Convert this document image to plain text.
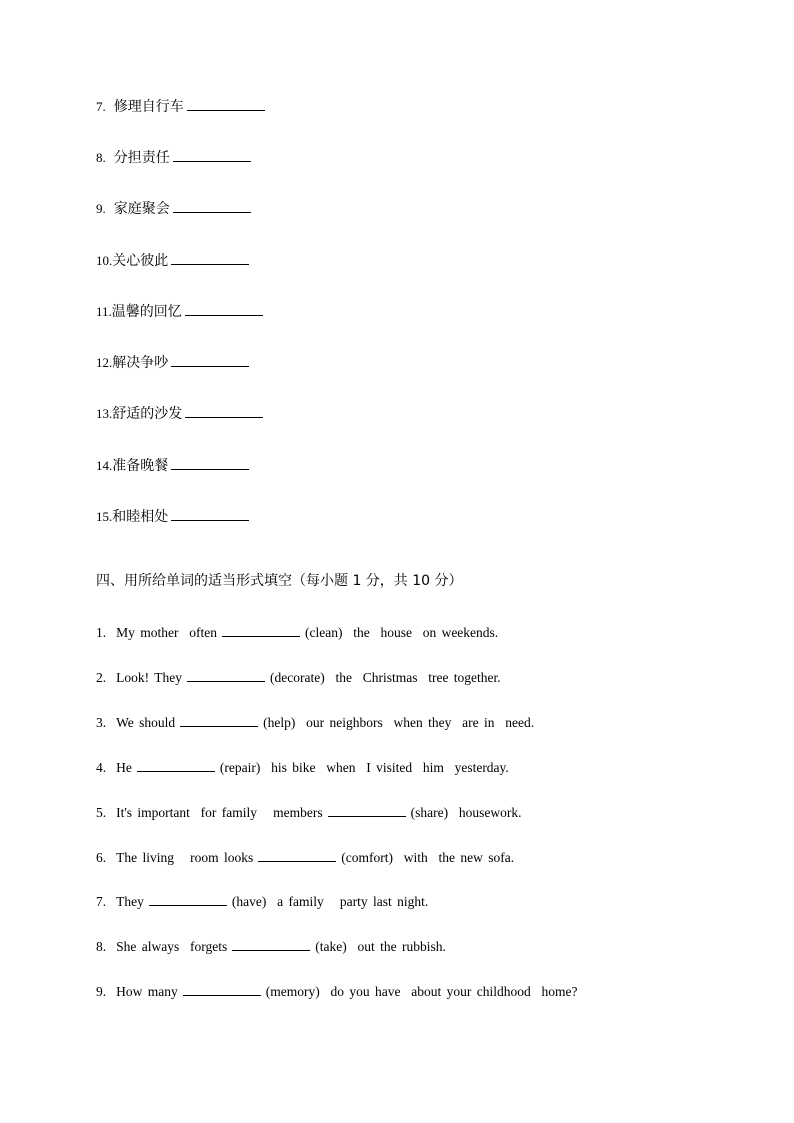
7. 修理自行车
8. 分担责任
9. 家庭聚会
10.关心彼此
11.温馨的回忆
12.解决争吵
13.舒适的沙发
14.准备晚餐
15.和睦相处
四、用所给单词的适当形式填空（每小题 1 分，共 10 分）
1. My mother  often	(clean)  the  house  on weekends.
2. Look! They	(decorate)  the  Christmas  tree together.
3. We should	(help)  our neighbors  when they  are in  need.
4. He	(repair)  his bike  when  I visited  him  yesterday.
5. It's important  for family   members	(share)  housework.
6. The living   room looks	(comfort)  with  the new sofa.
7. They	(have)  a family   party last night.
8. She always  forgets	(take)  out the rubbish.
9. How many	(memory)  do you have  about your childhood  home?
